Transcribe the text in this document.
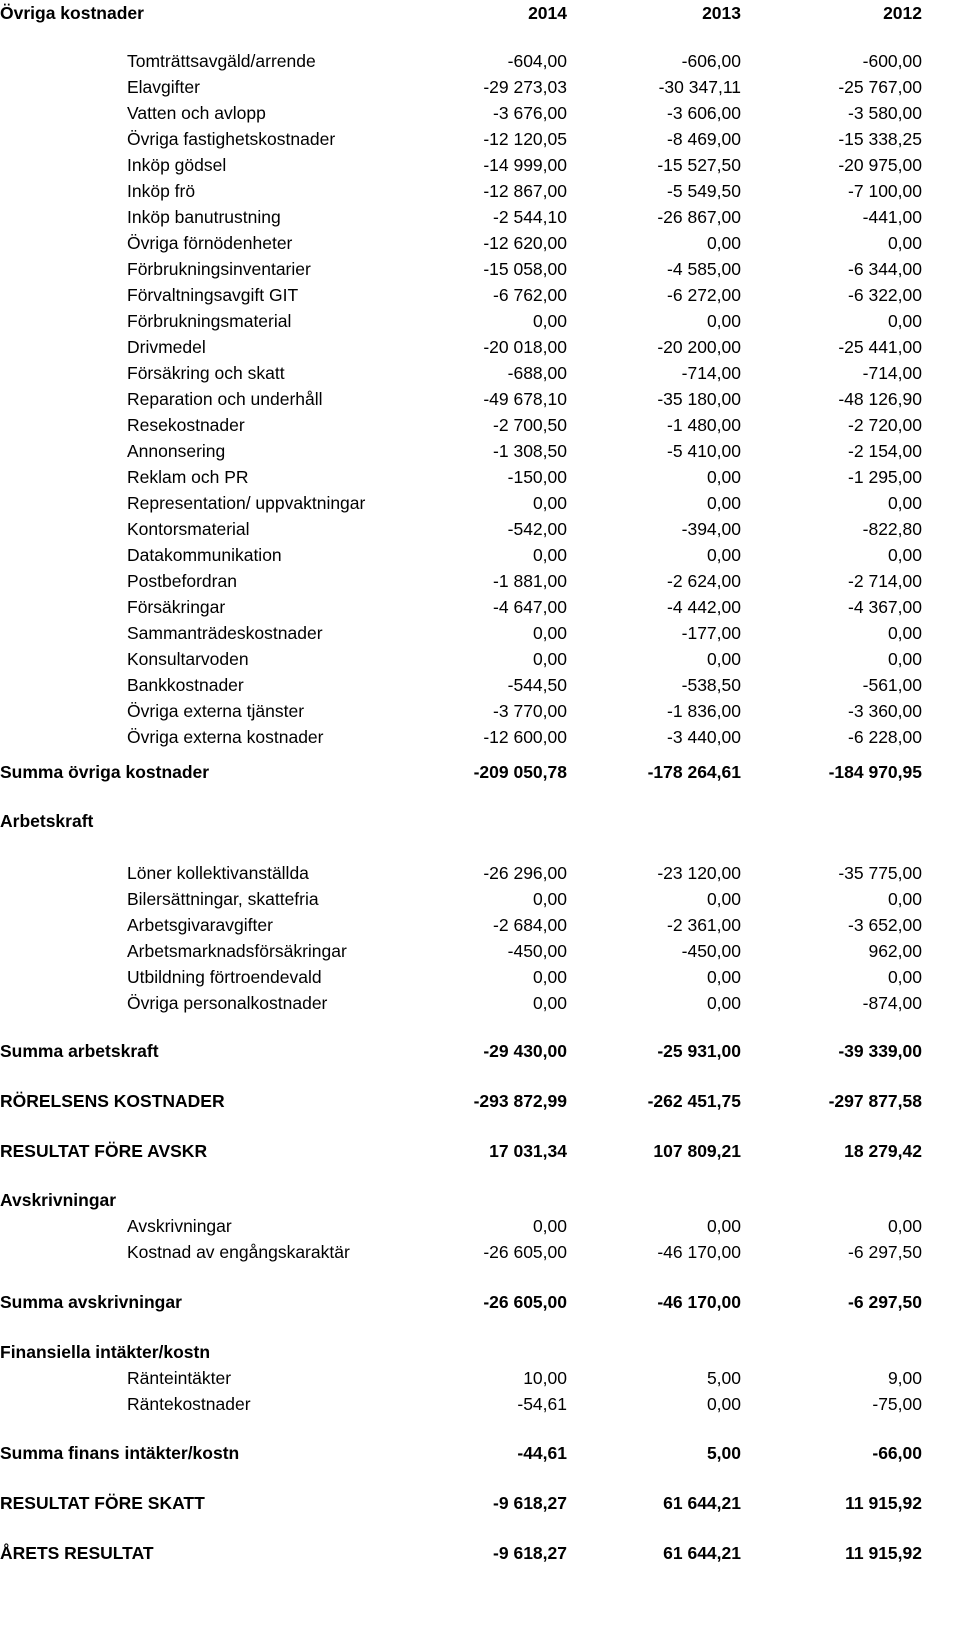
Övriga kostnader	2014	2013	2012
Tomträttsavgäld/arrende	-604,00	-606,00	-600,00
Elavgifter	-29 273,03	-30 347,11	-25 767,00
Vatten och avlopp	-3 676,00	-3 606,00	-3 580,00
Övriga fastighetskostnader	-12 120,05	-8 469,00	-15 338,25
Inköp gödsel	-14 999,00	-15 527,50	-20 975,00
Inköp frö	-12 867,00	-5 549,50	-7 100,00
Inköp banutrustning	-2 544,10	-26 867,00	-441,00
Övriga förnödenheter	-12 620,00	0,00	0,00
Förbrukningsinventarier	-15 058,00	-4 585,00	-6 344,00
Förvaltningsavgift GIT	-6 762,00	-6 272,00	-6 322,00
Förbrukningsmaterial	0,00	0,00	0,00
Drivmedel	-20 018,00	-20 200,00	-25 441,00
Försäkring och skatt	-688,00	-714,00	-714,00
Reparation och underhåll	-49 678,10	-35 180,00	-48 126,90
Resekostnader	-2 700,50	-1 480,00	-2 720,00
Annonsering	-1 308,50	-5 410,00	-2 154,00
Reklam och PR	-150,00	0,00	-1 295,00
Representation/ uppvaktningar	0,00	0,00	0,00
Kontorsmaterial	-542,00	-394,00	-822,80
Datakommunikation	0,00	0,00	0,00
Postbefordran	-1 881,00	-2 624,00	-2 714,00
Försäkringar	-4 647,00	-4 442,00	-4 367,00
Sammanträdeskostnader	0,00	-177,00	0,00
Konsultarvoden	0,00	0,00	0,00
Bankkostnader	-544,50	-538,50	-561,00
Övriga externa tjänster	-3 770,00	-1 836,00	-3 360,00
Övriga externa kostnader	-12 600,00	-3 440,00	-6 228,00
Summa övriga kostnader	-209 050,78	-178 264,61	-184 970,95
Arbetskraft
Löner kollektivanställda	-26 296,00	-23 120,00	-35 775,00
Bilersättningar, skattefria	0,00	0,00	0,00
Arbetsgivaravgifter	-2 684,00	-2 361,00	-3 652,00
Arbetsmarknadsförsäkringar	-450,00	-450,00	962,00
Utbildning förtroendevald	0,00	0,00	0,00
Övriga personalkostnader	0,00	0,00	-874,00
Summa arbetskraft	-29 430,00	-25 931,00	-39 339,00
RÖRELSENS KOSTNADER	-293 872,99	-262 451,75	-297 877,58
RESULTAT FÖRE AVSKR	17 031,34	107 809,21	18 279,42
Avskrivningar
Avskrivningar	0,00	0,00	0,00
Kostnad av engångskaraktär	-26 605,00	-46 170,00	-6 297,50
Summa avskrivningar	-26 605,00	-46 170,00	-6 297,50
Finansiella intäkter/kostn
Ränteintäkter	10,00	5,00	9,00
Räntekostnader	-54,61	0,00	-75,00
Summa finans intäkter/kostn	-44,61	5,00	-66,00
RESULTAT FÖRE SKATT	-9 618,27	61 644,21	11 915,92
ÅRETS RESULTAT	-9 618,27	61 644,21	11 915,92
